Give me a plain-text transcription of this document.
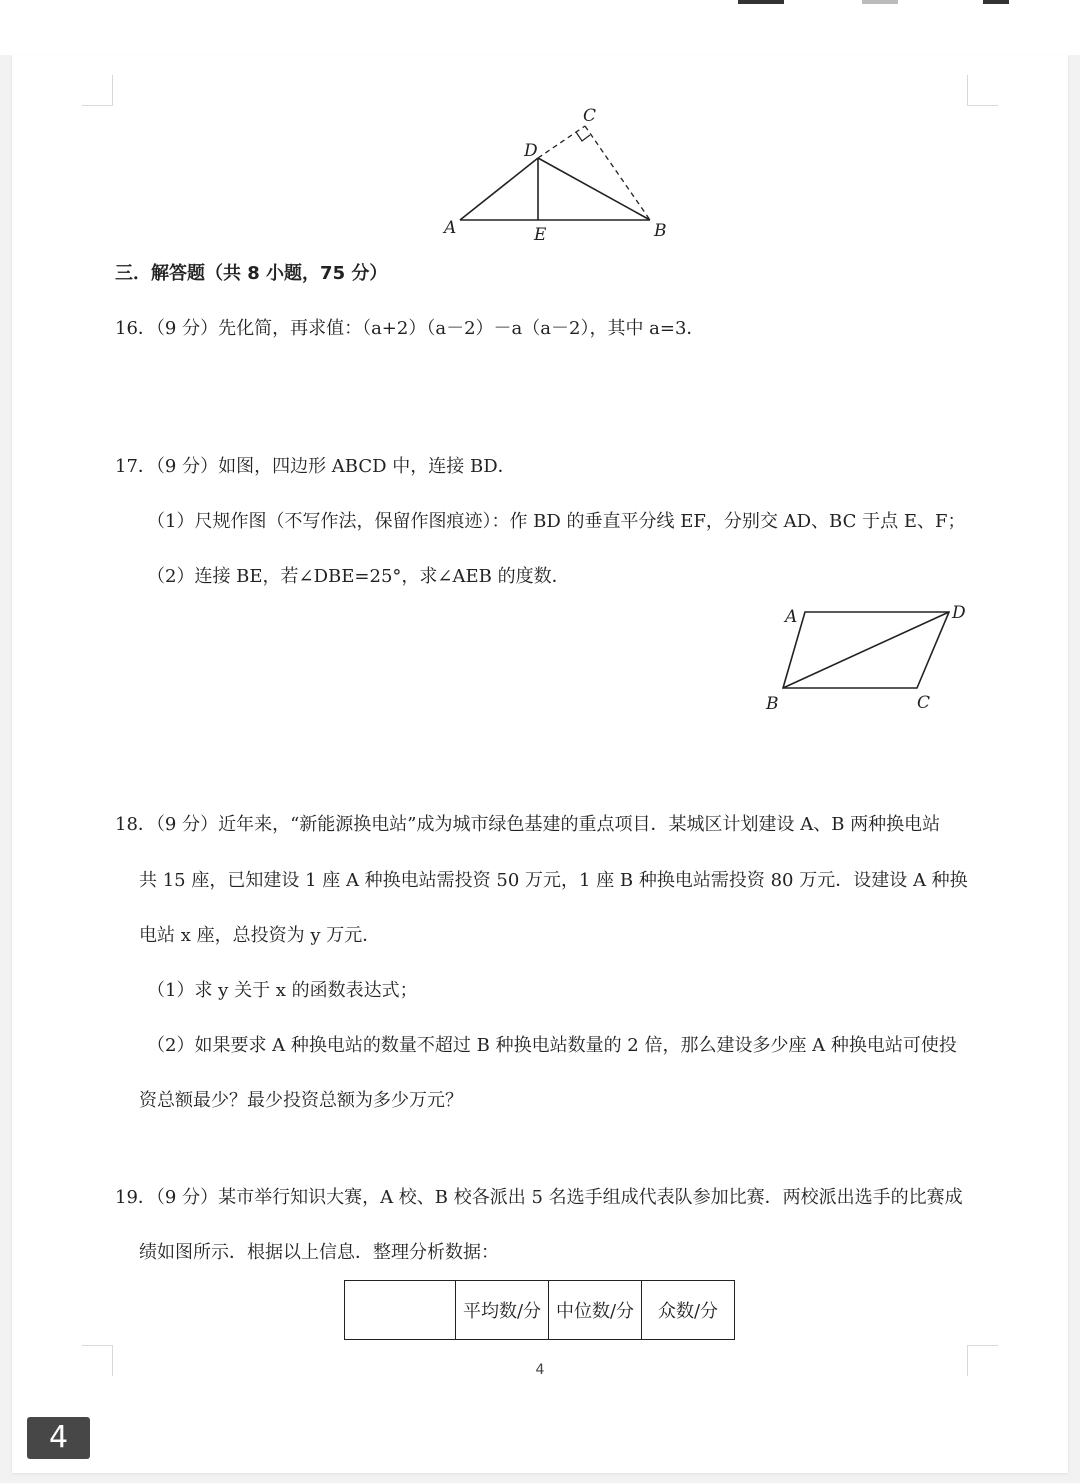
A	B
C
D
E
三．解答题（共 8 小题，75 分）
16．（9 分）先化简，再求值：（a+2）（a－2）－a（a－2），其中 a=3．
17．（9 分）如图，四边形 ABCD 中，连接 BD．
（1）尺规作图（不写作法，保留作图痕迹）：作 BD 的垂直平分线 EF，分别交 AD、BC 于点 E、F；
（2）连接 BE，若∠DBE=25°，求∠AEB 的度数．
A	D
B	C
18．（9 分）近年来，“新能源换电站”成为城市绿色基建的重点项目．某城区计划建设 A、B 两种换电站
共 15 座，已知建设 1 座 A 种换电站需投资 50 万元，1 座 B 种换电站需投资 80 万元．设建设 A 种换
电站 x 座，总投资为 y 万元．
（1）求 y 关于 x 的函数表达式；
（2）如果要求 A 种换电站的数量不超过 B 种换电站数量的 2 倍，那么建设多少座 A 种换电站可使投
资总额最少？最少投资总额为多少万元？
19．（9 分）某市举行知识大赛，A 校、B 校各派出 5 名选手组成代表队参加比赛．两校派出选手的比赛成
绩如图所示．根据以上信息．整理分析数据：
	平均数/分	中位数/分	众数/分
4
4
